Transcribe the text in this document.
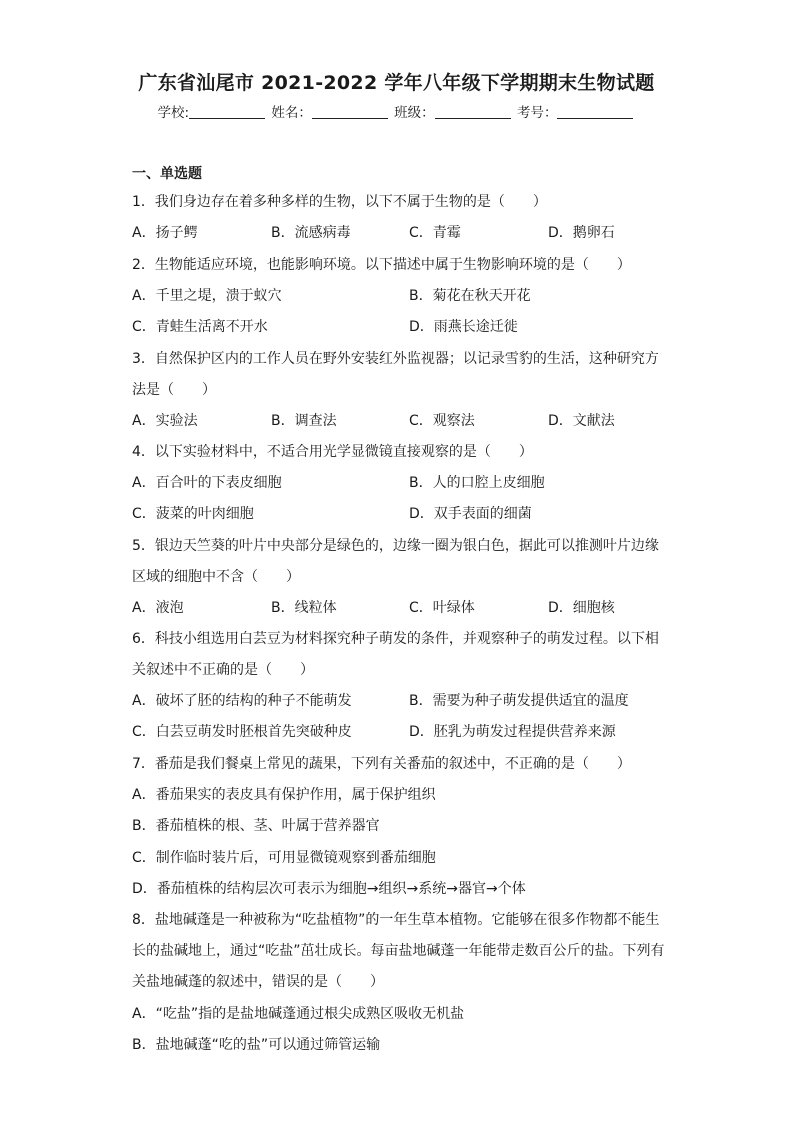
广东省汕尾市 2021-2022 学年八年级下学期期末生物试题
学校:	姓名：	班级：	考号：
一、单选题
1．我们身边存在着多种多样的生物，以下不属于生物的是（　　）
A．扬子鳄	B．流感病毒	C．青霉	D．鹅卵石
2．生物能适应环境，也能影响环境。以下描述中属于生物影响环境的是（　　）
A．千里之堤，溃于蚁穴	B．菊花在秋天开花
C．青蛙生活离不开水	D．雨燕长途迁徙
3．自然保护区内的工作人员在野外安装红外监视器；以记录雪豹的生活，这种研究方
法是（　　）
A．实验法	B．调查法	C．观察法	D．文献法
4．以下实验材料中，不适合用光学显微镜直接观察的是（　　）
A．百合叶的下表皮细胞	B．人的口腔上皮细胞
C．菠菜的叶肉细胞	D．双手表面的细菌
5．银边天竺葵的叶片中央部分是绿色的，边缘一圈为银白色，据此可以推测叶片边缘
区域的细胞中不含（　　）
A．液泡	B．线粒体	C．叶绿体	D．细胞核
6．科技小组选用白芸豆为材料探究种子萌发的条件，并观察种子的萌发过程。以下相
关叙述中不正确的是（　　）
A．破坏了胚的结构的种子不能萌发	B．需要为种子萌发提供适宜的温度
C．白芸豆萌发时胚根首先突破种皮	D．胚乳为萌发过程提供营养来源
7．番茄是我们餐桌上常见的蔬果，下列有关番茄的叙述中，不正确的是（　　）
A．番茄果实的表皮具有保护作用，属于保护组织
B．番茄植株的根、茎、叶属于营养器官
C．制作临时装片后，可用显微镜观察到番茄细胞
D．番茄植株的结构层次可表示为细胞→组织→系统→器官→个体
8．盐地碱蓬是一种被称为“吃盐植物”的一年生草本植物。它能够在很多作物都不能生
长的盐碱地上，通过“吃盐”茁壮成长。每亩盐地碱蓬一年能带走数百公斤的盐。下列有
关盐地碱蓬的叙述中，错误的是（　　）
A．“吃盐”指的是盐地碱蓬通过根尖成熟区吸收无机盐
B．盐地碱蓬“吃的盐”可以通过筛管运输
